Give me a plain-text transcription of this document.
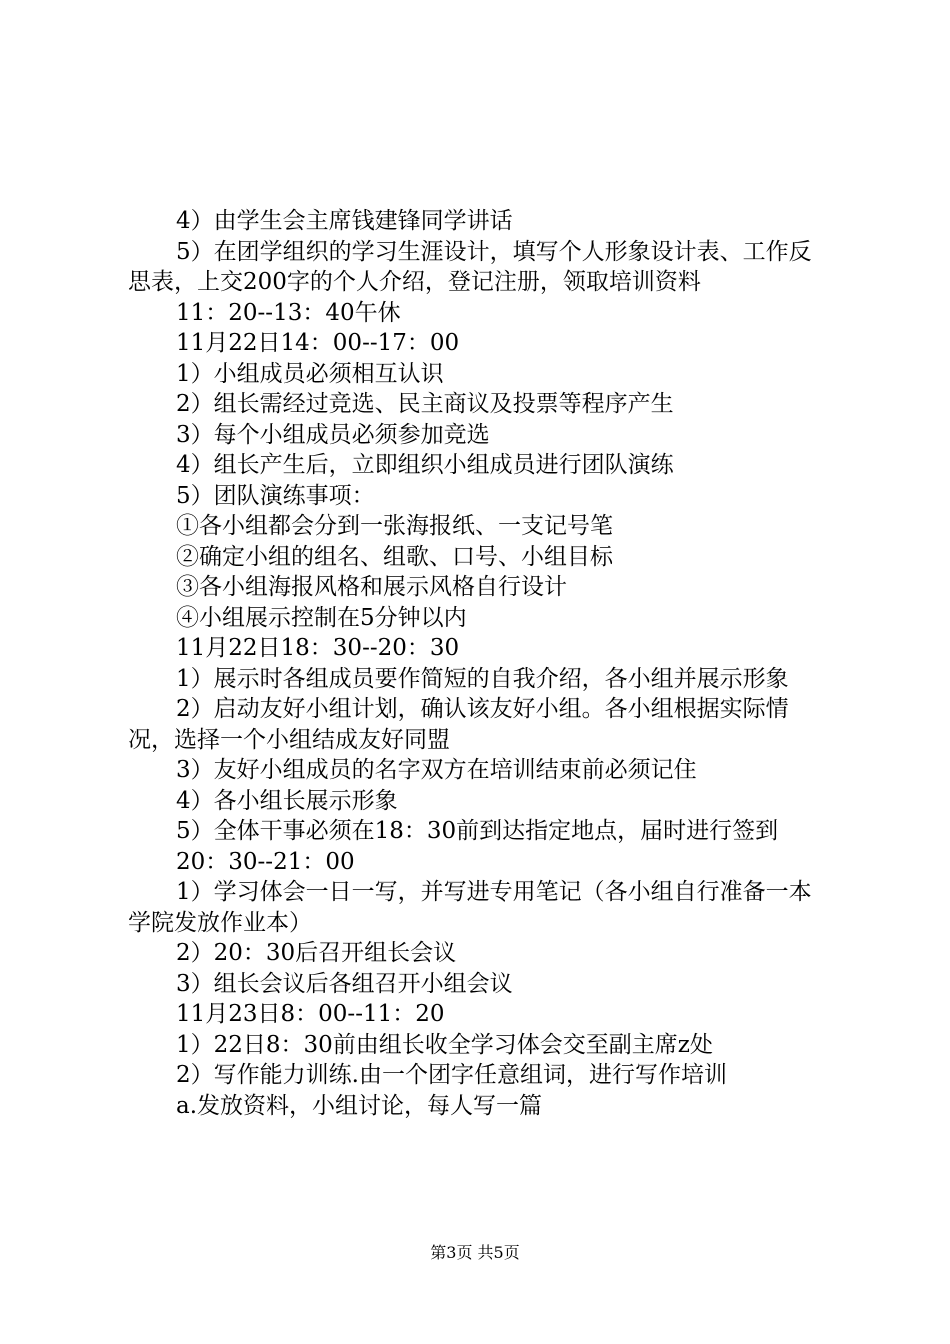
4）由学生会主席钱建锋同学讲话

5）在团学组织的学习生涯设计，填写个人形象设计表、工作反思表，上交200字的个人介绍，登记注册，领取培训资料

11：20--13：40午休

11月22日14：00--17：00

1）小组成员必须相互认识

2）组长需经过竞选、民主商议及投票等程序产生

3）每个小组成员必须参加竞选

4）组长产生后，立即组织小组成员进行团队演练

5）团队演练事项：

①各小组都会分到一张海报纸、一支记号笔

②确定小组的组名、组歌、口号、小组目标

③各小组海报风格和展示风格自行设计

④小组展示控制在5分钟以内

11月22日18：30--20：30

1）展示时各组成员要作简短的自我介绍，各小组并展示形象

2）启动友好小组计划，确认该友好小组。各小组根据实际情况，选择一个小组结成友好同盟

3）友好小组成员的名字双方在培训结束前必须记住

4）各小组长展示形象

5）全体干事必须在18：30前到达指定地点，届时进行签到

20：30--21：00

1）学习体会一日一写，并写进专用笔记（各小组自行准备一本学院发放作业本）

2）20：30后召开组长会议

3）组长会议后各组召开小组会议

11月23日8：00--11：20

1）22日8：30前由组长收全学习体会交至副主席z处

2）写作能力训练.由一个团字任意组词，进行写作培训

a.发放资料，小组讨论，每人写一篇

第3页 共5页
